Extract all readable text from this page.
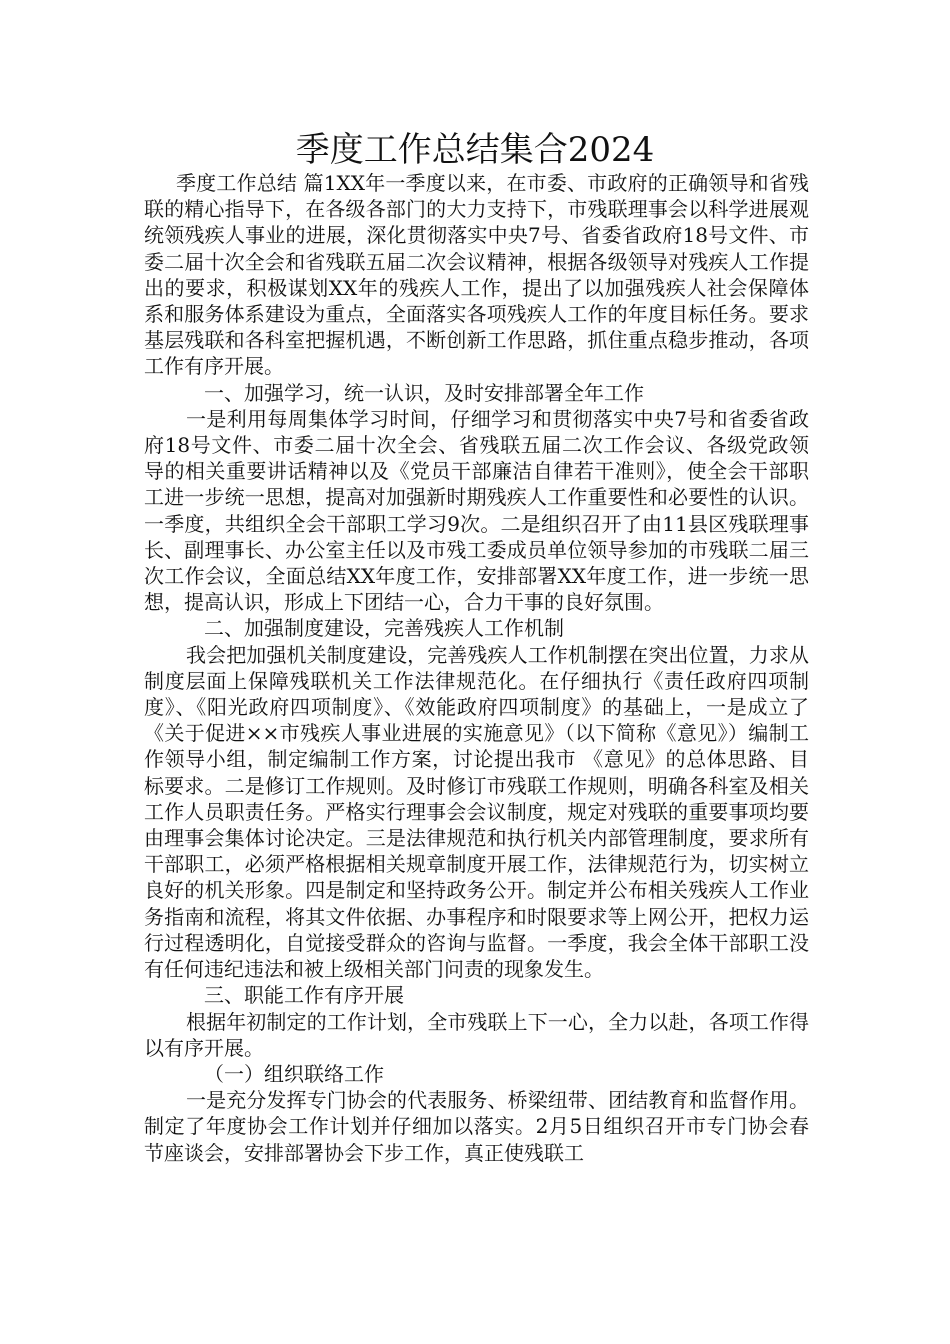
季度工作总结集合2024

季度工作总结 篇1XX年一季度以来，在市委、市政府的正确领导和省残联的精心指导下，在各级各部门的大力支持下，市残联理事会以科学进展观统领残疾人事业的进展，深化贯彻落实中央7号、省委省政府18号文件、市委二届十次全会和省残联五届二次会议精神，根据各级领导对残疾人工作提出的要求，积极谋划XX年的残疾人工作，提出了以加强残疾人社会保障体系和服务体系建设为重点，全面落实各项残疾人工作的年度目标任务。要求基层残联和各科室把握机遇，不断创新工作思路，抓住重点稳步推动，各项工作有序开展。

一、加强学习，统一认识，及时安排部署全年工作

一是利用每周集体学习时间，仔细学习和贯彻落实中央7号和省委省政府18号文件、市委二届十次全会、省残联五届二次工作会议、各级党政领导的相关重要讲话精神以及《党员干部廉洁自律若干准则》，使全会干部职工进一步统一思想，提高对加强新时期残疾人工作重要性和必要性的认识。一季度，共组织全会干部职工学习9次。二是组织召开了由11县区残联理事长、副理事长、办公室主任以及市残工委成员单位领导参加的市残联二届三次工作会议，全面总结XX年度工作，安排部署XX年度工作，进一步统一思想，提高认识，形成上下团结一心，合力干事的良好氛围。

二、加强制度建设，完善残疾人工作机制

我会把加强机关制度建设，完善残疾人工作机制摆在突出位置，力求从制度层面上保障残联机关工作法律规范化。在仔细执行《责任政府四项制度》、《阳光政府四项制度》、《效能政府四项制度》的基础上，一是成立了《关于促进××市残疾人事业进展的实施意见》（以下简称《意见》）编制工作领导小组，制定编制工作方案，讨论提出我市 《意见》的总体思路、目标要求。二是修订工作规则。及时修订市残联工作规则，明确各科室及相关工作人员职责任务。严格实行理事会会议制度，规定对残联的重要事项均要由理事会集体讨论决定。三是法律规范和执行机关内部管理制度，要求所有干部职工，必须严格根据相关规章制度开展工作，法律规范行为，切实树立良好的机关形象。四是制定和坚持政务公开。制定并公布相关残疾人工作业务指南和流程，将其文件依据、办事程序和时限要求等上网公开，把权力运行过程透明化，自觉接受群众的咨询与监督。一季度，我会全体干部职工没有任何违纪违法和被上级相关部门问责的现象发生。

三、职能工作有序开展

根据年初制定的工作计划，全市残联上下一心，全力以赴，各项工作得以有序开展。

（一）组织联络工作

一是充分发挥专门协会的代表服务、桥梁纽带、团结教育和监督作用。制定了年度协会工作计划并仔细加以落实。2月5日组织召开市专门协会春节座谈会，安排部署协会下步工作，真正使残联工
